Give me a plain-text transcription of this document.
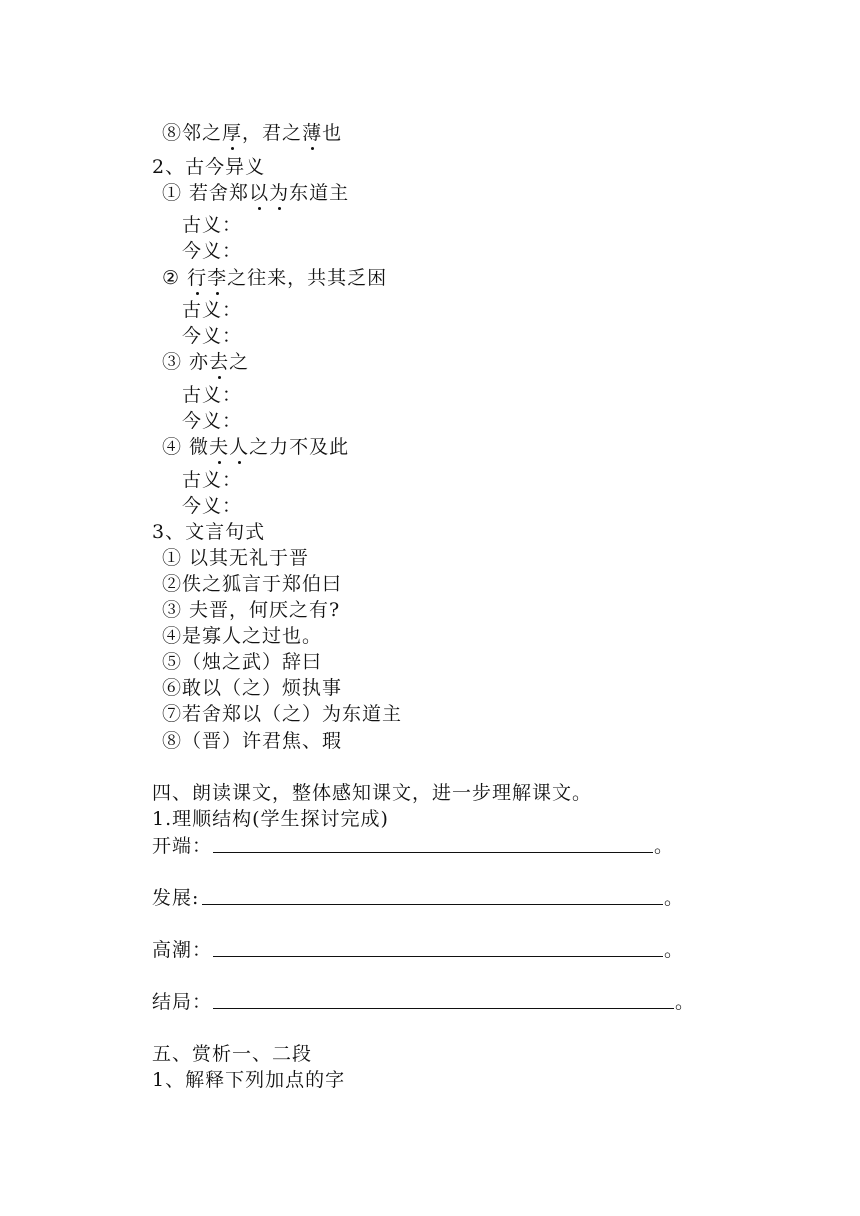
⑧邻之厚，君之薄也
2、古今异义
① 若舍郑以为东道主
古义：
今义：
② 行李之往来，共其乏困
古义：
今义：
③ 亦去之
古义：
今义：
④ 微夫人之力不及此
古义：
今义：
3、文言句式
① 以其无礼于晋
②佚之狐言于郑伯曰
③ 夫晋，何厌之有?
④是寡人之过也。
⑤（烛之武）辞曰
⑥敢以（之）烦执事
⑦若舍郑以（之）为东道主
⑧（晋）许君焦、瑕
四、朗读课文，整体感知课文，进一步理解课文。
1.理顺结构(学生探讨完成)
开端：	。
发展:	。
高潮：	。
结局：	。
五、赏析一、二段
1、解释下列加点的字
